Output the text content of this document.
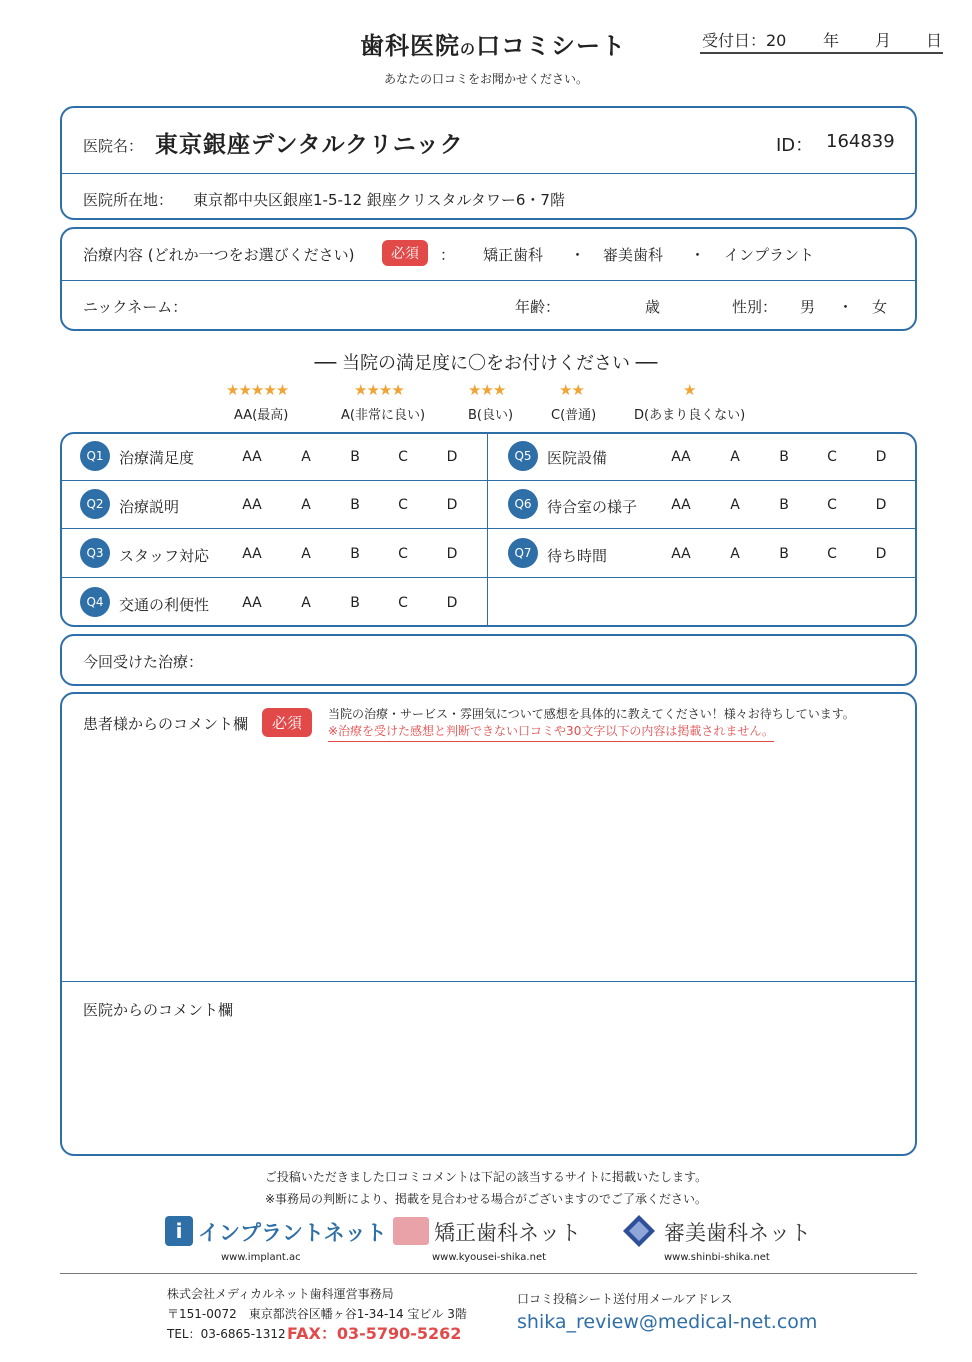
歯科医院の口コミシート	受付日：20 年 月 日
あなたの口コミをお聞かせください。
医院名： 東京銀座デンタルクリニック	ID： 164839
医院所在地： 東京都中央区銀座1-5-12 銀座クリスタルタワー6・7階
治療内容 (どれか一つをお選びください)	必須	： 矯正歯科 ・ 審美歯科 ・ インプラント
ニックネーム：	年齢：	歳	性別： 男 ・ 女
── 当院の満足度に〇をお付けください ──
★★★★★
AA(最高)
★★★★
A(非常に良い)
★★★
B(良い)
★★
C(普通)
★
D(あまり良くない)
Q1	治療満足度	AA	A	B	C	D
Q2	治療説明	AA	A	B	C	D
Q3	スタッフ対応	AA	A	B	C	D
Q4	交通の利便性	AA	A	B	C	D
Q5	医院設備	AA	A	B	C	D
Q6	待合室の様子	AA	A	B	C	D
Q7	待ち時間	AA	A	B	C	D
今回受けた治療：
患者様からのコメント欄	必須	当院の治療・サービス・雰囲気について感想を具体的に教えてください！様々お待ちしています。
※治療を受けた感想と判断できない口コミや30文字以下の内容は掲載されません。
医院からのコメント欄
ご投稿いただきました口コミコメントは下記の該当するサイトに掲載いたします。
※事務局の判断により、掲載を見合わせる場合がございますのでご了承ください。
i インプラントネット
www.implant.ac
矯正歯科ネット
www.kyousei-shika.net
審美歯科ネット
www.shinbi-shika.net
株式会社メディカルネット歯科運営事務局
〒151-0072　東京都渋谷区幡ヶ谷1-34-14 宝ビル 3階
TEL：03-6865-1312 FAX：03-5790-5262
口コミ投稿シート送付用メールアドレス
shika_review@medical-net.com
